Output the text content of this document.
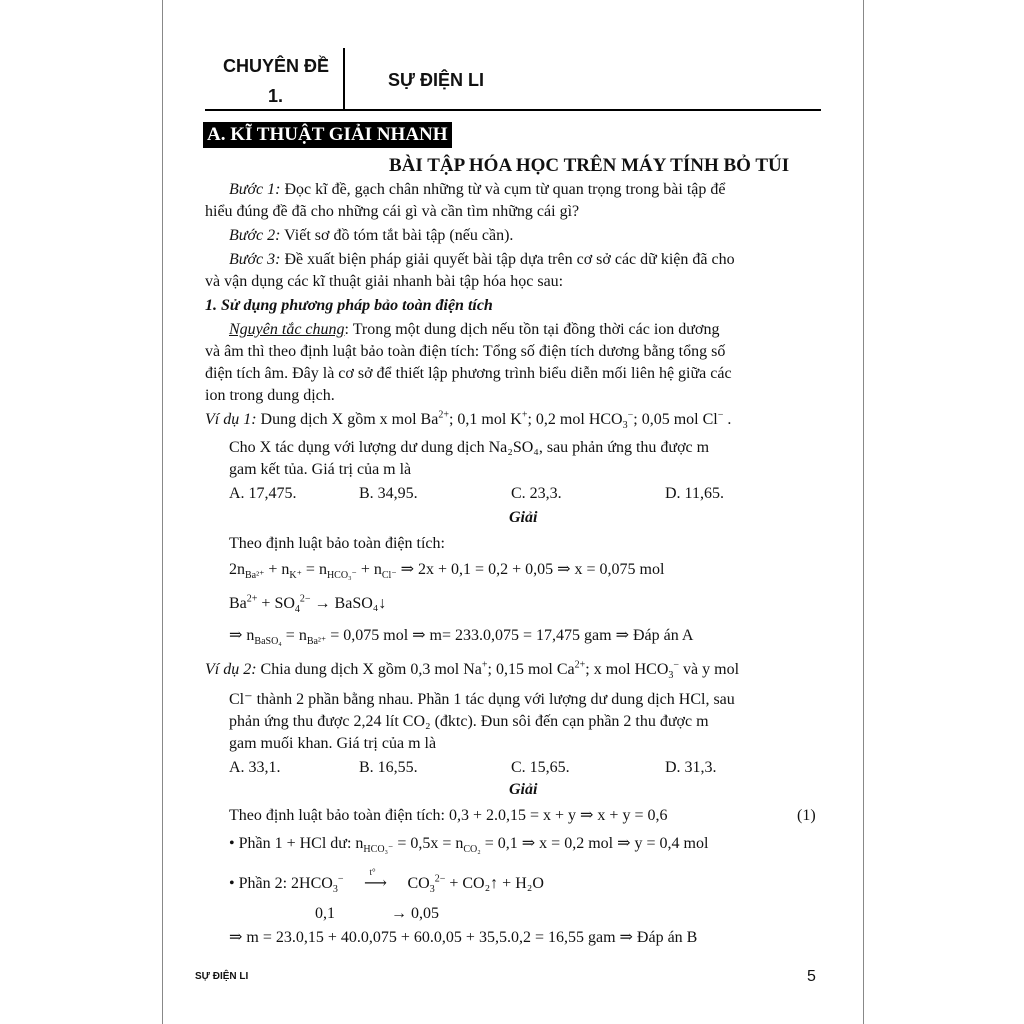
CHUYÊN ĐỀ
1.
SỰ ĐIỆN LI
A. KĨ THUẬT GIẢI NHANH
BÀI TẬP HÓA HỌC TRÊN MÁY TÍNH BỎ TÚI
Bước 1: Đọc kĩ đề, gạch chân những từ và cụm từ quan trọng trong bài tập để
hiểu đúng đề đã cho những cái gì và cần tìm những cái gì?
Bước 2: Viết sơ đồ tóm tắt bài tập (nếu cần).
Bước 3: Đề xuất biện pháp giải quyết bài tập dựa trên cơ sở các dữ kiện đã cho
và vận dụng các kĩ thuật giải nhanh bài tập hóa học sau:
1. Sử dụng phương pháp bảo toàn điện tích
Nguyên tắc chung: Trong một dung dịch nếu tồn tại đồng thời các ion dương
và âm thì theo định luật bảo toàn điện tích: Tổng số điện tích dương bằng tổng số
điện tích âm. Đây là cơ sở để thiết lập phương trình biểu diễn mối liên hệ giữa các
ion trong dung dịch.
Ví dụ 1: Dung dịch X gồm x mol $Ba^{2+}$; 0,1 mol K+; 0,2 mol $HCO_3^-$; 0,05 mol Cl− .
Cho X tác dụng với lượng dư dung dịch Na₂SO₄, sau phản ứng thu được m
gam kết tủa. Giá trị của m là
A. 17,475.	B. 34,95.	C. 23,3.	D. 11,65.
Giải
Theo định luật bảo toàn điện tích:
$2n_{Ba^{2+}} + n_{K^+} = n_{HCO_3^-} + n_{Cl^-}$ ⇒ 2x + 0,1 = 0,2 + 0,05 ⇒ x = 0,075 mol
$Ba^{2+} + SO_4^{2-}$ → BaSO₄↓
⇒ $n_{BaSO_4} = n_{Ba^{2+}} = 0,075$ mol ⇒ m= 233.0,075 = 17,475 gam ⇒ Đáp án A
Ví dụ 2: Chia dung dịch X gồm 0,3 mol Na+; 0,15 mol $Ca^{2+}$; x mol $HCO_3^-$ và y mol
Cl⁻ thành 2 phần bằng nhau. Phần 1 tác dụng với lượng dư dung dịch HCl, sau
phản ứng thu được 2,24 lít CO₂ (đktc). Đun sôi đến cạn phần 2 thu được m
gam muối khan. Giá trị của m là
A. 33,1.	B. 16,55.	C. 15,65.	D. 31,3.
Giải
Theo định luật bảo toàn điện tích: 0,3 + 2.0,15 = x + y ⇒ x + y = 0,6	(1)
• Phần 1 + HCl dư: $n_{HCO_3^-} = 0,5x = n_{CO_2} = 0,1$ ⇒ x = 0,2 mol ⇒ y = 0,4 mol
• Phần 2: $2HCO_3^-$
t°
⟶ $CO_3^{2-}$ + CO₂↑ + H₂O
0,1	→ 0,05
⇒ m = 23.0,15 + 40.0,075 + 60.0,05 + 35,5.0,2 = 16,55 gam ⇒ Đáp án B
SỰ ĐIỆN LI	5
